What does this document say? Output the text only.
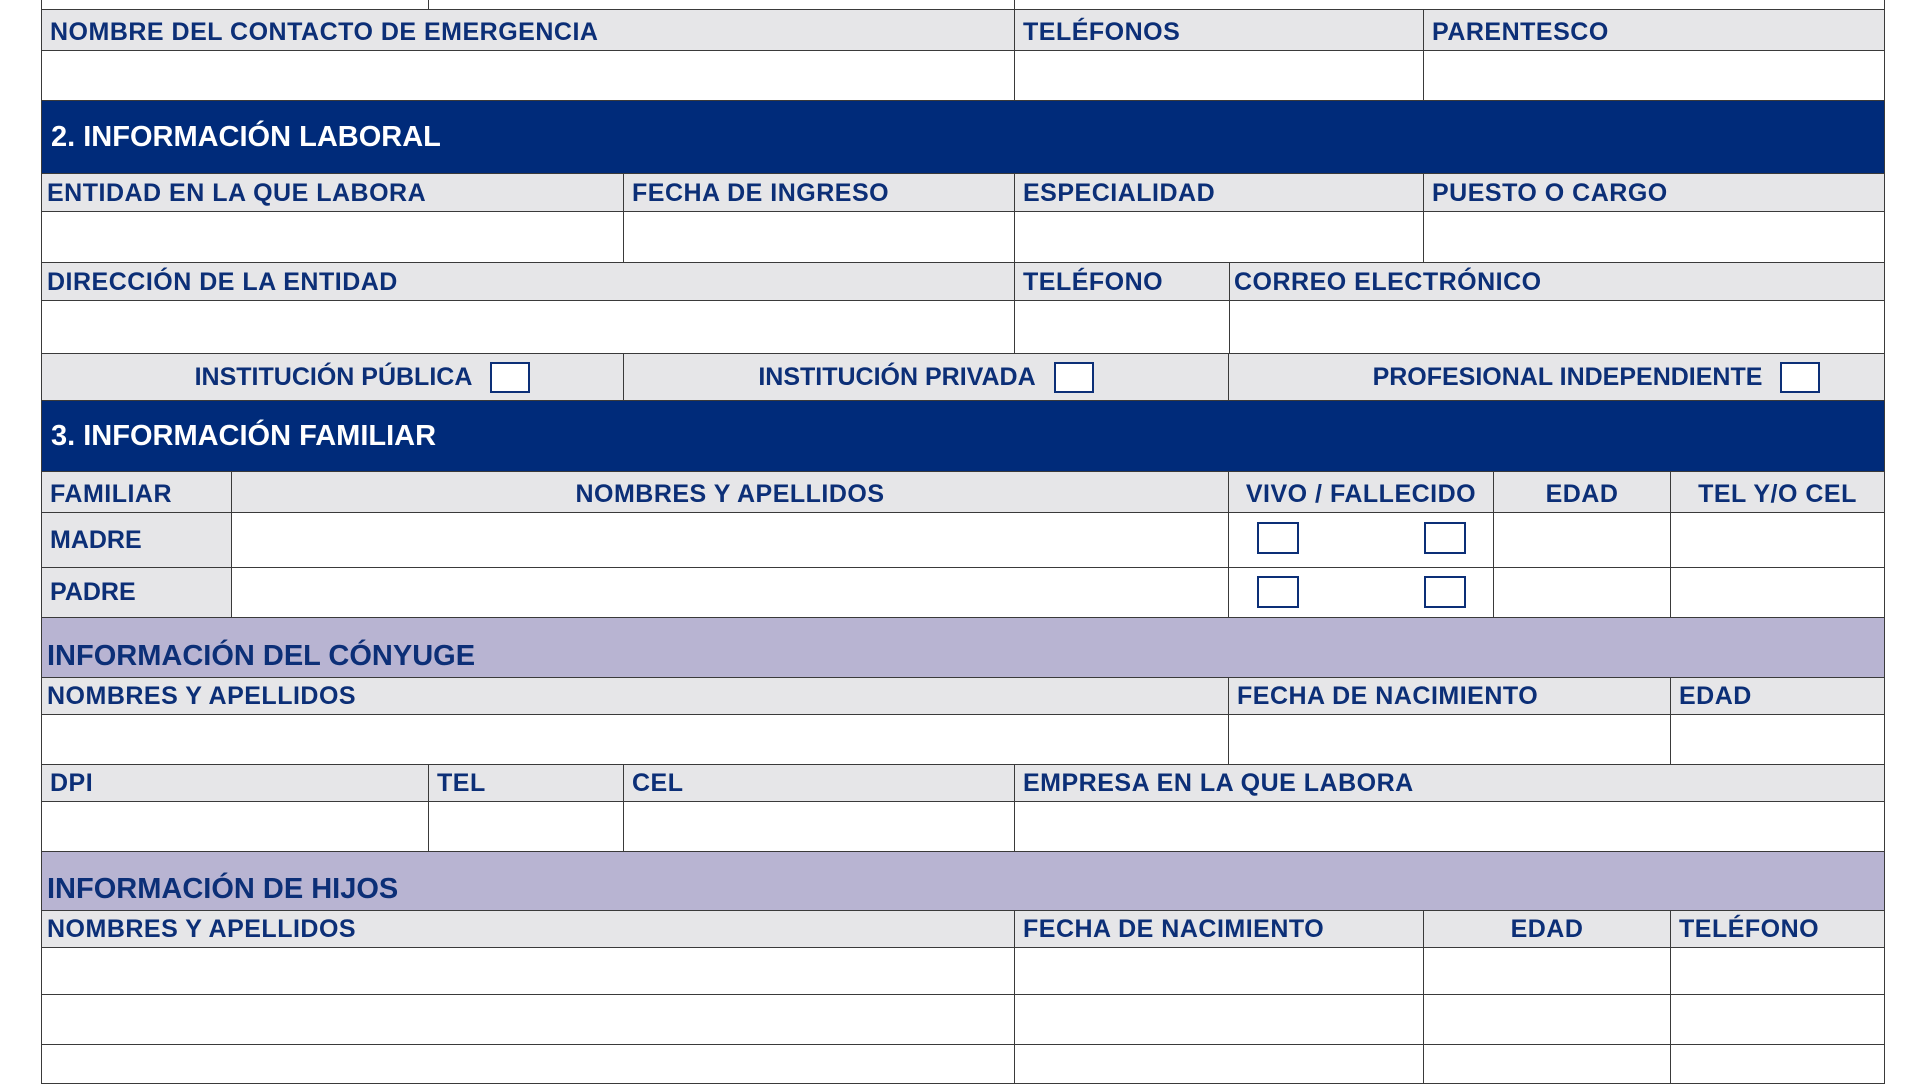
NOMBRE DEL CONTACTO DE EMERGENCIA	TELÉFONOS	PARENTESCO
2. INFORMACIÓN LABORAL
ENTIDAD EN LA QUE LABORA	FECHA DE INGRESO	ESPECIALIDAD	PUESTO O CARGO
DIRECCIÓN DE LA ENTIDAD	TELÉFONO	CORREO ELECTRÓNICO
INSTITUCIÓN PÚBLICA	INSTITUCIÓN PRIVADA	PROFESIONAL INDEPENDIENTE
3. INFORMACIÓN FAMILIAR
FAMILIAR	NOMBRES Y APELLIDOS	VIVO / FALLECIDO	EDAD	TEL Y/O CEL
MADRE
PADRE
INFORMACIÓN DEL CÓNYUGE
NOMBRES Y APELLIDOS	FECHA DE NACIMIENTO	EDAD
DPI	TEL	CEL	EMPRESA EN LA QUE LABORA
INFORMACIÓN DE HIJOS
NOMBRES Y APELLIDOS	FECHA DE NACIMIENTO	EDAD	TELÉFONO
